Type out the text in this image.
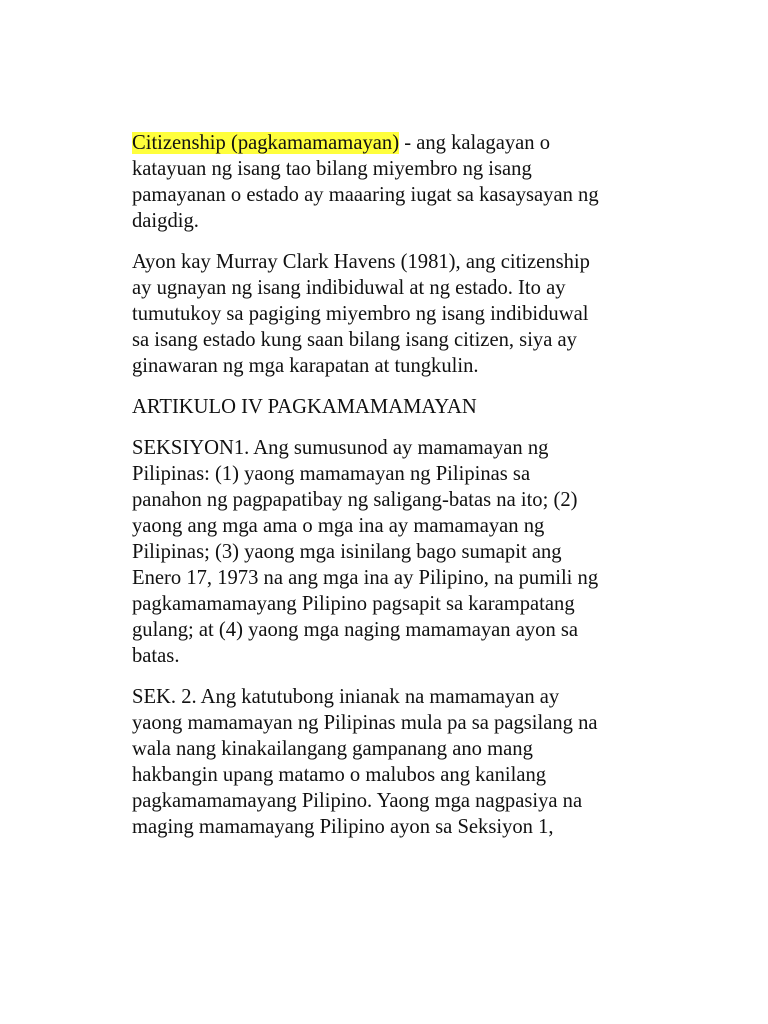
Citizenship (pagkamamamayan) - ang kalagayan o
katayuan ng isang tao bilang miyembro ng isang
pamayanan o estado ay maaaring iugat sa kasaysayan ng
daigdig.

Ayon kay Murray Clark Havens (1981), ang citizenship
ay ugnayan ng isang indibiduwal at ng estado. Ito ay
tumutukoy sa pagiging miyembro ng isang indibiduwal
sa isang estado kung saan bilang isang citizen, siya ay
ginawaran ng mga karapatan at tungkulin.

ARTIKULO IV PAGKAMAMAMAYAN

SEKSIYON1. Ang sumusunod ay mamamayan ng
Pilipinas: (1) yaong mamamayan ng Pilipinas sa
panahon ng pagpapatibay ng saligang-batas na ito; (2)
yaong ang mga ama o mga ina ay mamamayan ng
Pilipinas; (3) yaong mga isinilang bago sumapit ang
Enero 17, 1973 na ang mga ina ay Pilipino, na pumili ng
pagkamamamayang Pilipino pagsapit sa karampatang
gulang; at (4) yaong mga naging mamamayan ayon sa
batas.

SEK. 2. Ang katutubong inianak na mamamayan ay
yaong mamamayan ng Pilipinas mula pa sa pagsilang na
wala nang kinakailangang gampanang ano mang
hakbangin upang matamo o malubos ang kanilang
pagkamamamayang Pilipino. Yaong mga nagpasiya na
maging mamamayang Pilipino ayon sa Seksiyon 1,
